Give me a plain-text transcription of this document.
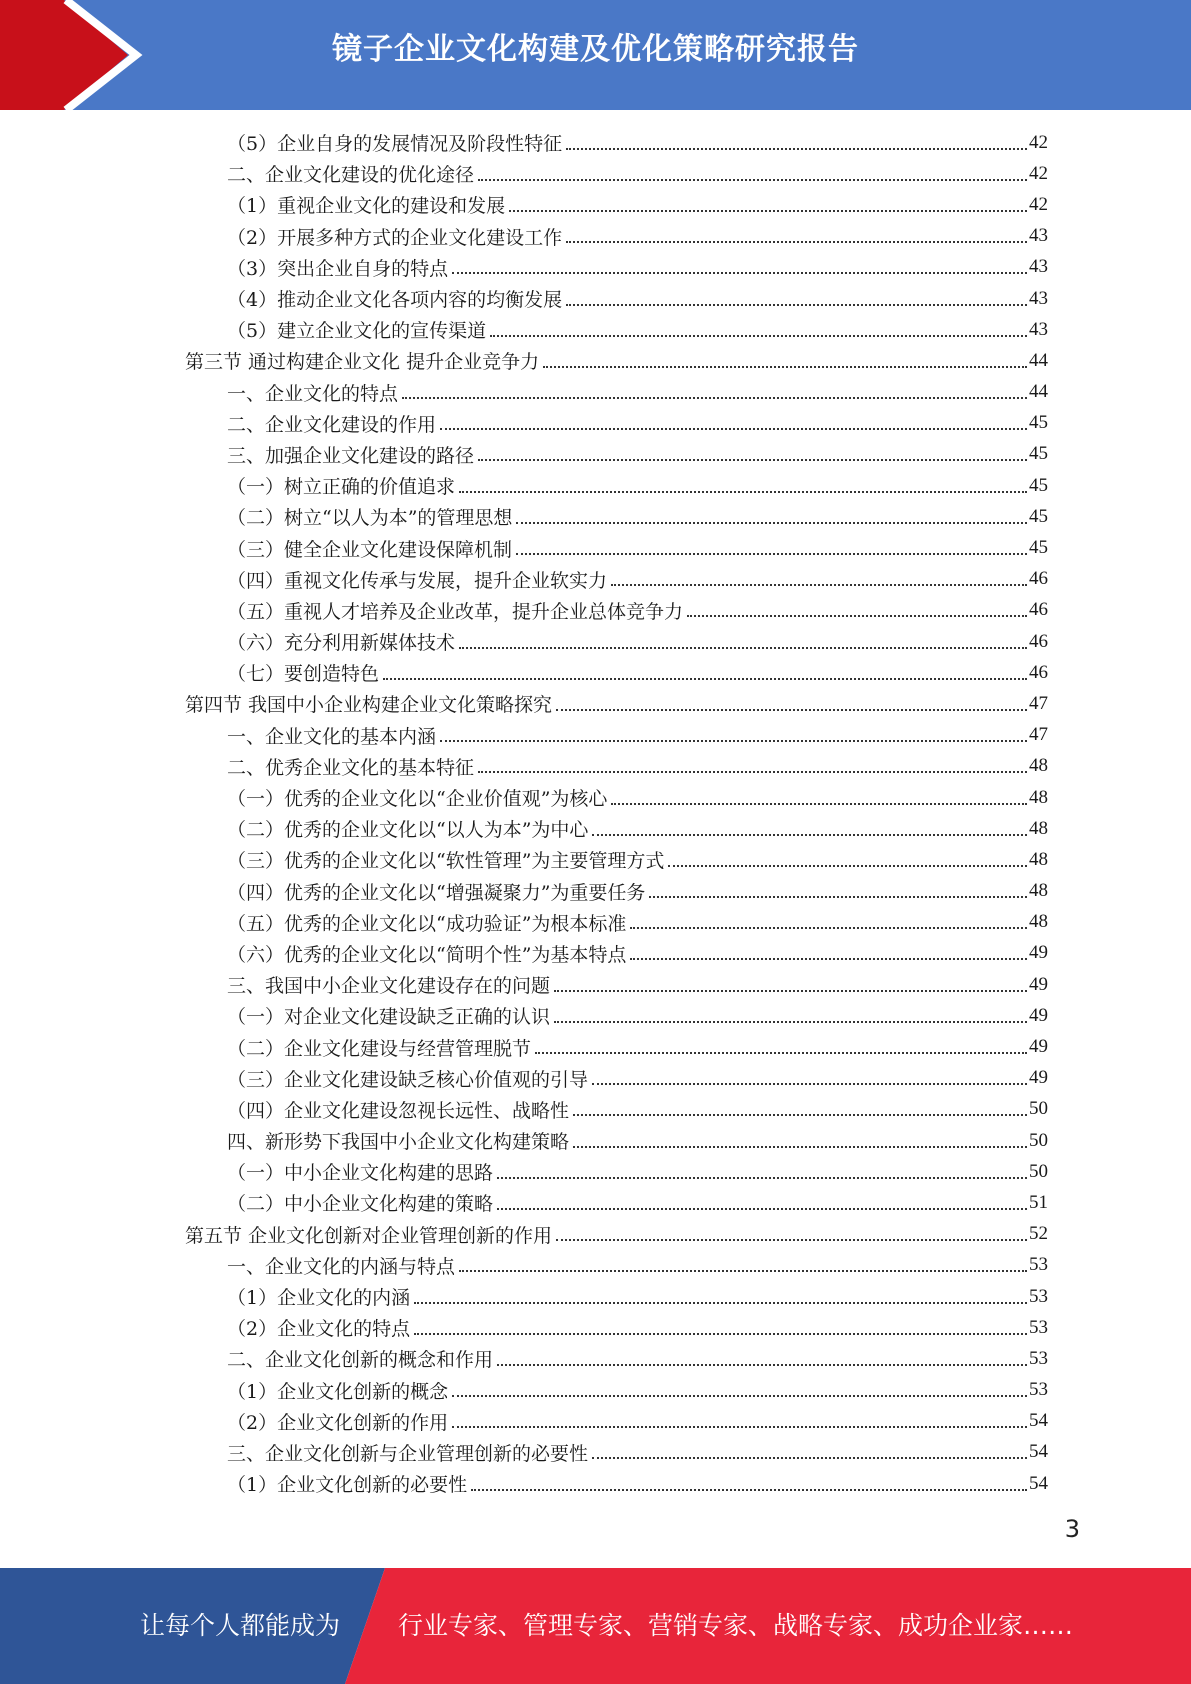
镜子企业文化构建及优化策略研究报告
（5）企业自身的发展情况及阶段性特征	42
二、企业文化建设的优化途径	42
（1）重视企业文化的建设和发展	42
（2）开展多种方式的企业文化建设工作	43
（3）突出企业自身的特点	43
（4）推动企业文化各项内容的均衡发展	43
（5）建立企业文化的宣传渠道	43
第三节 通过构建企业文化 提升企业竞争力	44
一、企业文化的特点	44
二、企业文化建设的作用	45
三、加强企业文化建设的路径	45
（一）树立正确的价值追求	45
（二）树立“以人为本”的管理思想	45
（三）健全企业文化建设保障机制	45
（四）重视文化传承与发展，提升企业软实力	46
（五）重视人才培养及企业改革，提升企业总体竞争力	46
（六）充分利用新媒体技术	46
（七）要创造特色	46
第四节 我国中小企业构建企业文化策略探究	47
一、企业文化的基本内涵	47
二、优秀企业文化的基本特征	48
（一）优秀的企业文化以“企业价值观”为核心	48
（二）优秀的企业文化以“以人为本”为中心	48
（三）优秀的企业文化以“软性管理”为主要管理方式	48
（四）优秀的企业文化以“增强凝聚力”为重要任务	48
（五）优秀的企业文化以“成功验证”为根本标准	48
（六）优秀的企业文化以“简明个性”为基本特点	49
三、我国中小企业文化建设存在的问题	49
（一）对企业文化建设缺乏正确的认识	49
（二）企业文化建设与经营管理脱节	49
（三）企业文化建设缺乏核心价值观的引导	49
（四）企业文化建设忽视长远性、战略性	50
四、新形势下我国中小企业文化构建策略	50
（一）中小企业文化构建的思路	50
（二）中小企业文化构建的策略	51
第五节 企业文化创新对企业管理创新的作用	52
一、企业文化的内涵与特点	53
（1）企业文化的内涵	53
（2）企业文化的特点	53
二、企业文化创新的概念和作用	53
（1）企业文化创新的概念	53
（2）企业文化创新的作用	54
三、企业文化创新与企业管理创新的必要性	54
（1）企业文化创新的必要性	54
3
让每个人都能成为 行业专家、管理专家、营销专家、战略专家、成功企业家……
